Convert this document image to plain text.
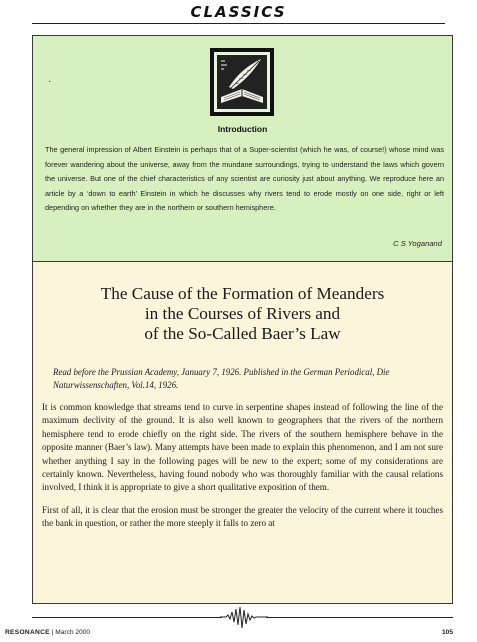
CLASSICS
·
Introduction
The general impression of Albert Einstein is perhaps that of a Super-scientist (which he was, of course!) whose mind was forever wandering about the universe, away from the mundane surroundings, trying to understand the laws which govern the universe. But one of the chief characteristics of any scientist are curiosity just about anything. We reproduce here an article by a ‘down to earth’ Einstein in which he discusses why rivers tend to erode mostly on one side, right or left depending on whether they are in the northern or southern hemisphere.
C S Yoganand
The Cause of the Formation of Meanders
in the Courses of Rivers and
of the So-Called Baer’s Law
Read before the Prussian Academy, January 7, 1926. Published in the German Periodical, Die Naturwissenschaften, Vol.14, 1926.

It is common knowledge that streams tend to curve in serpentine shapes instead of following the line of the maximum declivity of the ground. It is also well known to geographers that the rivers of the northern hemisphere tend to erode chiefly on the right side. The rivers of the southern hemisphere behave in the opposite manner (Baer’s law). Many attempts have been made to explain this phenomenon, and I am not sure whether anything I say in the following pages will be new to the expert; some of my considerations are certainly known. Nevertheless, having found nobody who was thoroughly familiar with the causal relations involved, I think it is appropriate to give a short qualitative exposition of them.

First of all, it is clear that the erosion must be stronger the greater the velocity of the current where it touches the bank in question, or rather the more steeply it falls to zero at

RESONANCE | March 2000	105
